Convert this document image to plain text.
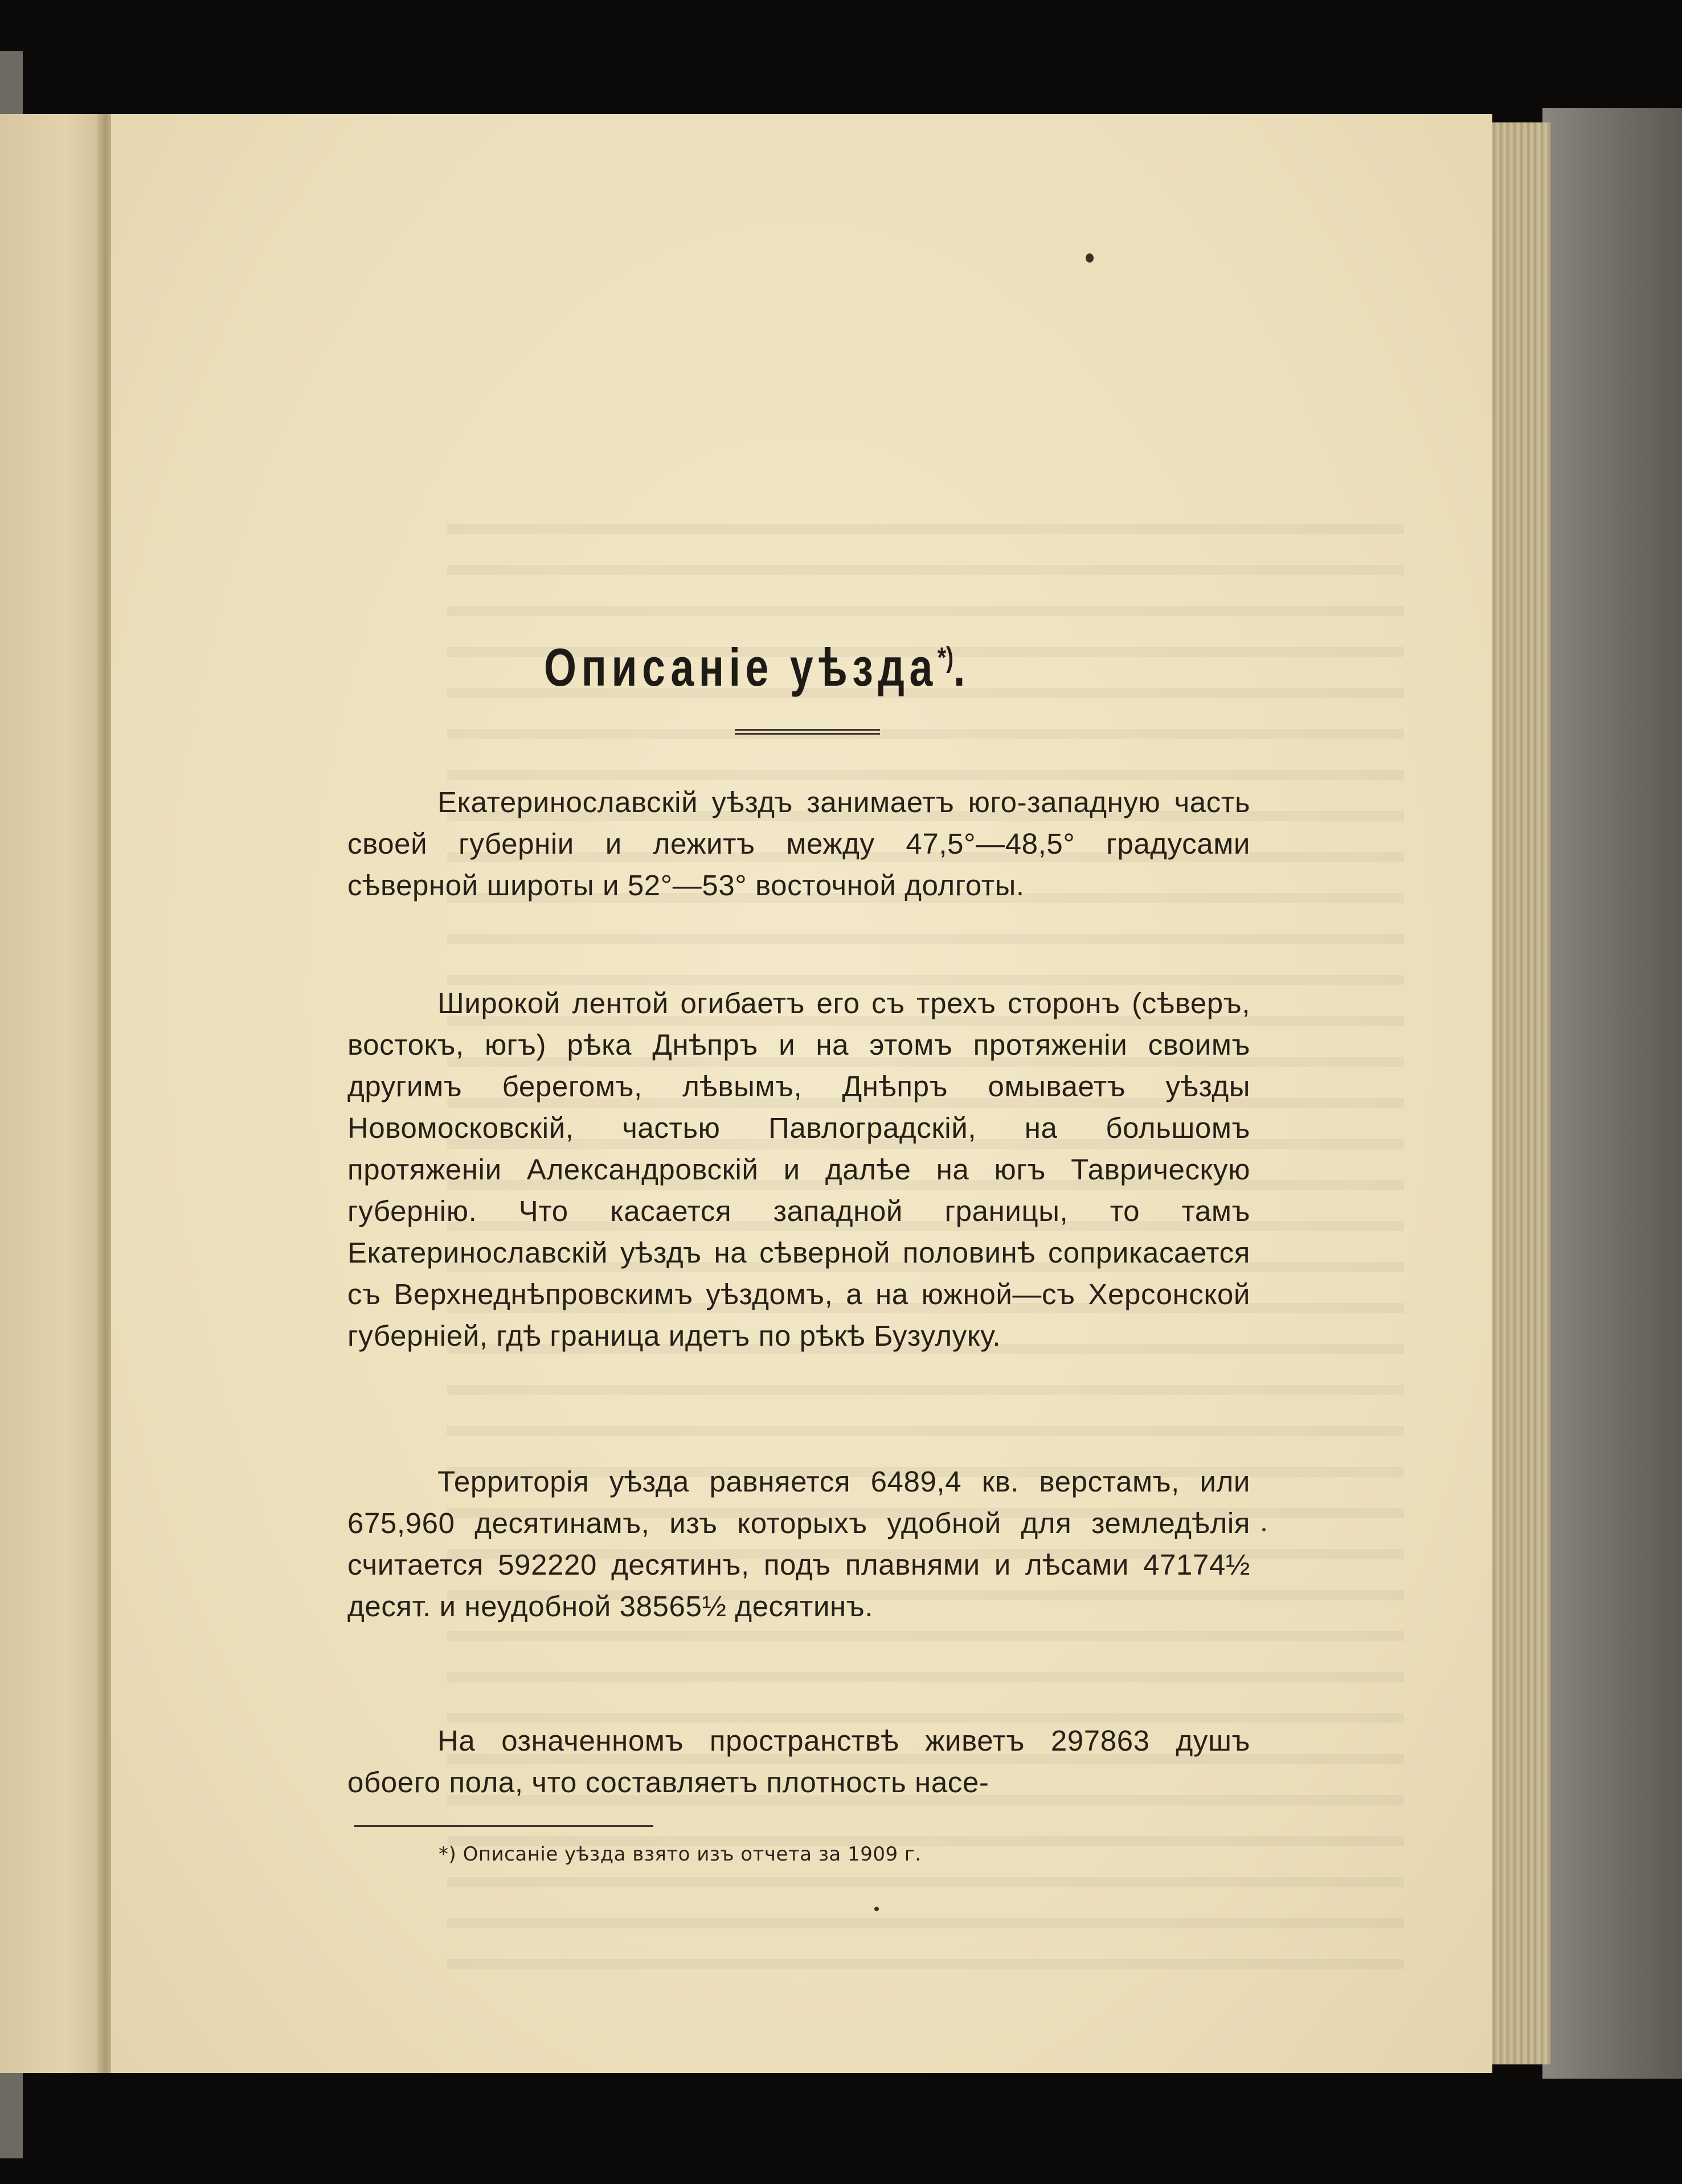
Описаніе уѣзда*).
Екатеринославскій уѣздъ занимаетъ юго-западную часть своей губерніи и лежитъ между 47,5°—48,5° градусами сѣверной широты и 52°—53° восточной долготы.
Широкой лентой огибаетъ его съ трехъ сторонъ (сѣверъ, востокъ, югъ) рѣка Днѣпръ и на этомъ протяженіи своимъ другимъ берегомъ, лѣвымъ, Днѣпръ омываетъ уѣзды Новомосковскій, частью Павлоградскій, на большомъ протяженіи Александровскій и далѣе на югъ Таврическую губернію. Что касается западной границы, то тамъ Екатеринославскій уѣздъ на сѣверной половинѣ соприкасается съ Верхнеднѣпровскимъ уѣздомъ, а на южной—съ Херсонской губерніей, гдѣ граница идетъ по рѣкѣ Бузулуку.
Территорія уѣзда равняется 6489,4 кв. верстамъ, или 675,960 десятинамъ, изъ которыхъ удобной для земледѣлія считается 592220 десятинъ, подъ плавнями и лѣсами 47174½ десят. и неудобной 38565½ десятинъ.
На означенномъ пространствѣ живетъ 297863 душъ обоего пола, что составляетъ плотность насе-
*) Описаніе уѣзда взято изъ отчета за 1909 г.
